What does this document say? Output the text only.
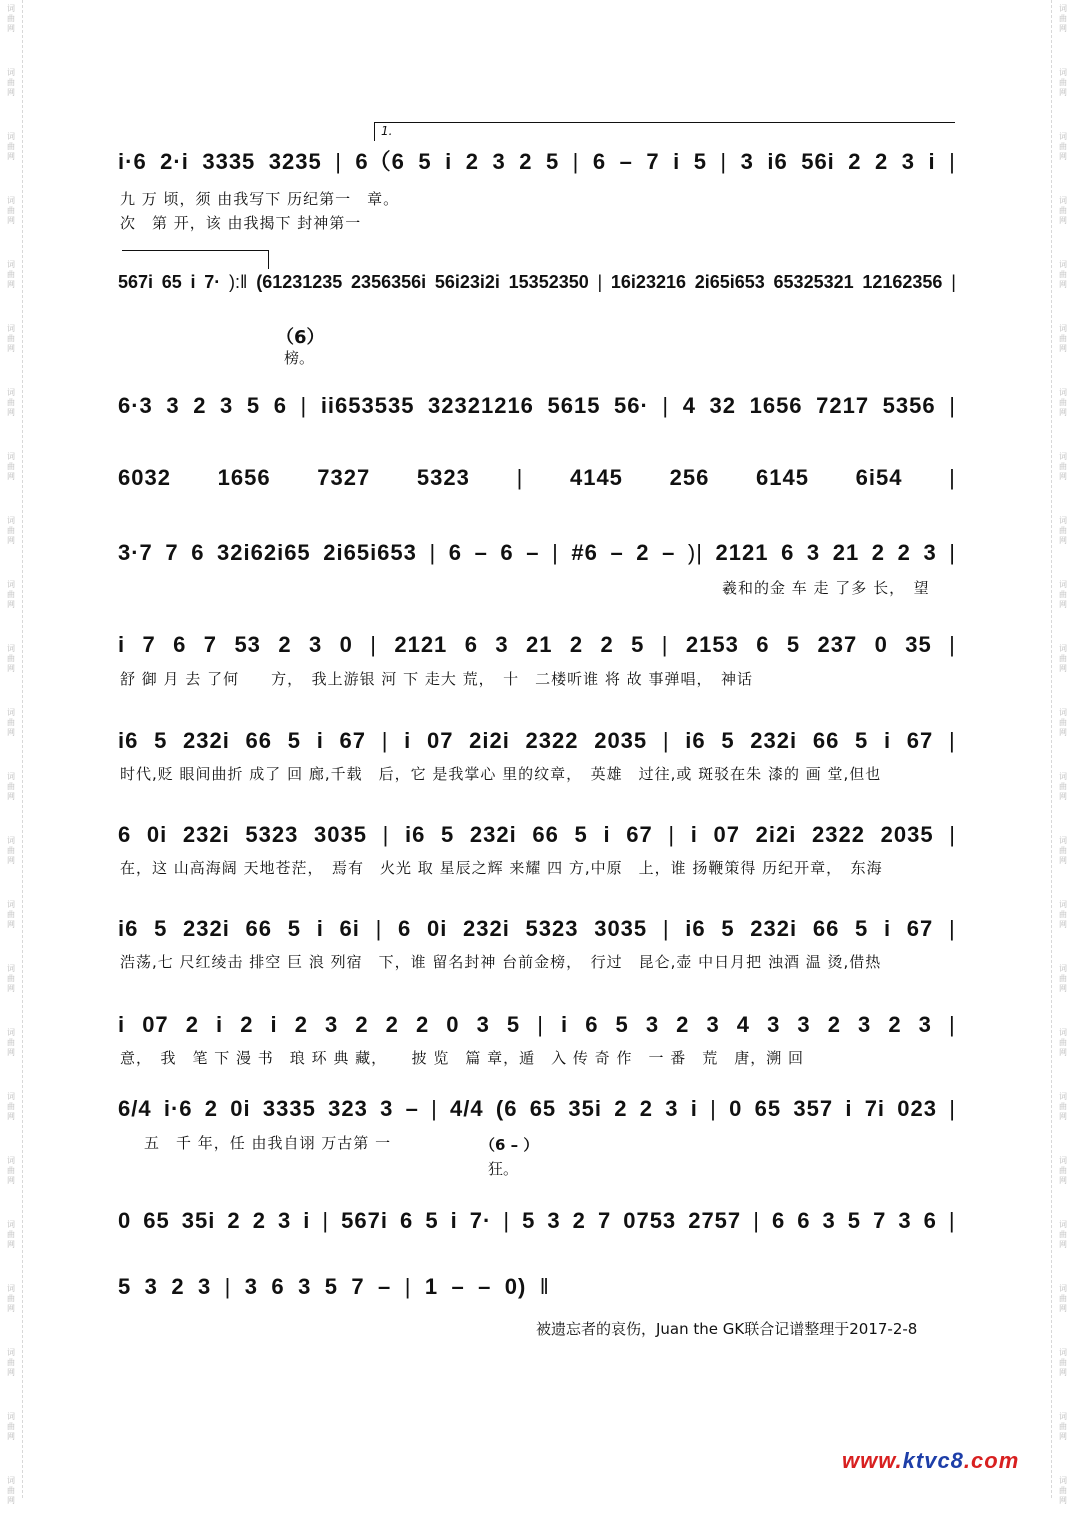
词
曲
网
词
曲
网
词
曲
网
词
曲
网
词
曲
网
词
曲
网
词
曲
网
词
曲
网
词
曲
网
词
曲
网
词
曲
网
词
曲
网
词
曲
网
词
曲
网
词
曲
网
词
曲
网
词
曲
网
词
曲
网
词
曲
网
词
曲
网
词
曲
网
词
曲
网
词
曲
网
词
曲
网
词
曲
网
词
曲
网
词
曲
网
词
曲
网
词
曲
网
词
曲
网
词
曲
网
词
曲
网
词
曲
网
词
曲
网
词
曲
网
词
曲
网
词
曲
网
词
曲
网
词
曲
网
词
曲
网
词
曲
网
词
曲
网
词
曲
网
词
曲
网
词
曲
网
词
曲
网
词
曲
网
词
曲
网
i·6 2·i 3335 3235 | 6（6 5 i 2 3 2 5 | 6 – 7 i 5 | 3 i6 56i 2 2 3 i |
九 万 顷，须 由我写下 历纪第一　章。
次　第 开，该 由我揭下 封神第一
567i 65 i 7· ):‖ (61231235 2356356i 56i23i2i 15352350 | 16i23216 2i65i653 65325321 12162356 |
（6）
榜。
6·3 3 2 3 5 6 | ii653535 32321216 5615 56· | 4 32 1656 7217 5356 |
6032 1656 7327 5323 | 4145 256 6145 6i54 |
3·7 7 6 32i62i65 2i65i653 | 6 – 6 – | #6 – 2 – )| 2121 6 3 21 2 2 3 |
羲和的金 车 走 了多 长，　望
i 7 6 7 53 2 3 0 | 2121 6 3 21 2 2 5 | 2153 6 5 237 0 35 |
舒 御 月 去 了何　　方，　我上游银 河 下 走大 荒，　十　二楼听谁 将 故 事弹唱，　神话
i6 5 232i 66 5 i 67 | i 07 2i2i 2322 2035 | i6 5 232i 66 5 i 67 |
时代,贬 眼间曲折 成了 回 廊,千载　后，它 是我掌心 里的纹章，　英雄　过往,或 斑驳在朱 漆的 画 堂,但也
6 0i 232i 5323 3035 | i6 5 232i 66 5 i 67 | i 07 2i2i 2322 2035 |
在，这 山高海阔 天地苍茫，　焉有　火光 取 星辰之辉 来耀 四 方,中原　上，谁 扬鞭策得 历纪开章，　东海
i6 5 232i 66 5 i 6i | 6 0i 232i 5323 3035 | i6 5 232i 66 5 i 67 |
浩荡,七 尺红绫击 排空 巨 浪 列宿　下，谁 留名封神 台前金榜，　行过　昆仑,壶 中日月把 浊酒 温 烫,借热
i 07 2 i 2 i 2 3 2 2 2 0 3 5 | i 6 5 3 2 3 4 3 3 2 3 2 3 |
意，　我　笔 下 漫 书　琅 环 典 藏，　　披 览　篇 章，遁　入 传 奇 作　一 番　荒　唐，溯 回
6/4 i·6 2 0i 3335 323 3 – | 4/4 (6 65 35i 2 2 3 i | 0 65 357 i 7i 023 |
五　千 年，任 由我自诩 万古第 一	（6 – ）
狂。
0 65 35i 2 2 3 i | 567i 6 5 i 7· | 5 3 2 7 0753 2757 | 6 6 3 5 7 3 6 |
5 3 2 3 | 3 6 3 5 7 – | 1 – – 0) ‖
1.
被遗忘者的哀伤，Juan the GK联合记谱整理于2017-2-8
www.ktvc8.com
